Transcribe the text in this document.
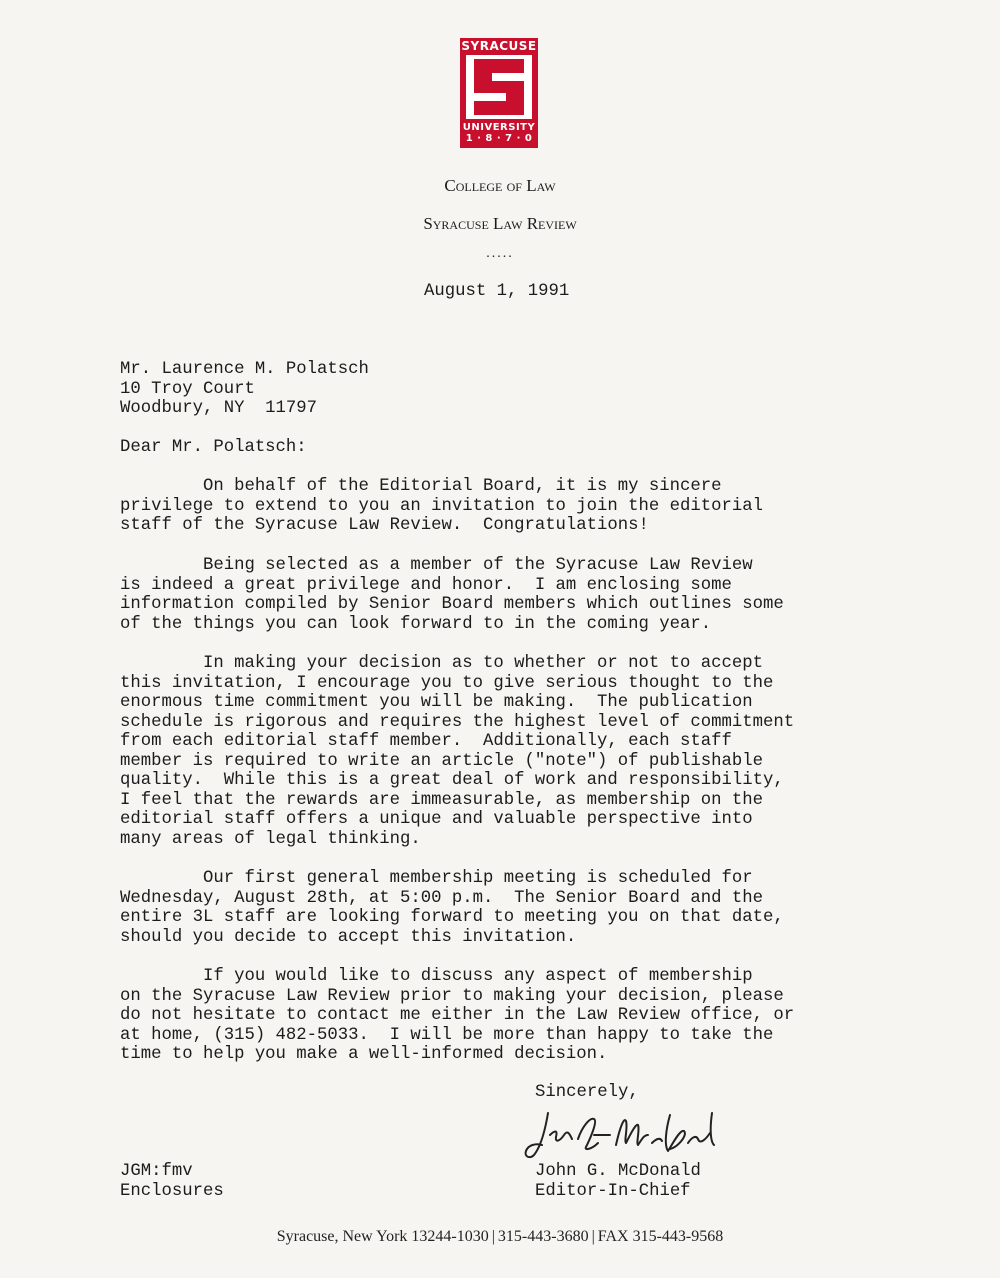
SYRACUSE
UNIVERSITY
1 · 8 · 7 · 0
College of Law
Syracuse Law Review
.....
August 1, 1991
Mr. Laurence M. Polatsch
10 Troy Court
Woodbury, NY  11797
Dear Mr. Polatsch:
On behalf of the Editorial Board, it is my sincere
privilege to extend to you an invitation to join the editorial
staff of the Syracuse Law Review.  Congratulations!
Being selected as a member of the Syracuse Law Review
is indeed a great privilege and honor.  I am enclosing some
information compiled by Senior Board members which outlines some
of the things you can look forward to in the coming year.
In making your decision as to whether or not to accept
this invitation, I encourage you to give serious thought to the
enormous time commitment you will be making.  The publication
schedule is rigorous and requires the highest level of commitment
from each editorial staff member.  Additionally, each staff
member is required to write an article ("note") of publishable
quality.  While this is a great deal of work and responsibility,
I feel that the rewards are immeasurable, as membership on the
editorial staff offers a unique and valuable perspective into
many areas of legal thinking.
Our first general membership meeting is scheduled for
Wednesday, August 28th, at 5:00 p.m.  The Senior Board and the
entire 3L staff are looking forward to meeting you on that date,
should you decide to accept this invitation.
If you would like to discuss any aspect of membership
on the Syracuse Law Review prior to making your decision, please
do not hesitate to contact me either in the Law Review office, or
at home, (315) 482-5033.  I will be more than happy to take the
time to help you make a well-informed decision.
Sincerely,
John G. McDonald
Editor-In-Chief
JGM:fmv
Enclosures
Syracuse, New York 13244-1030 | 315-443-3680 | FAX 315-443-9568
